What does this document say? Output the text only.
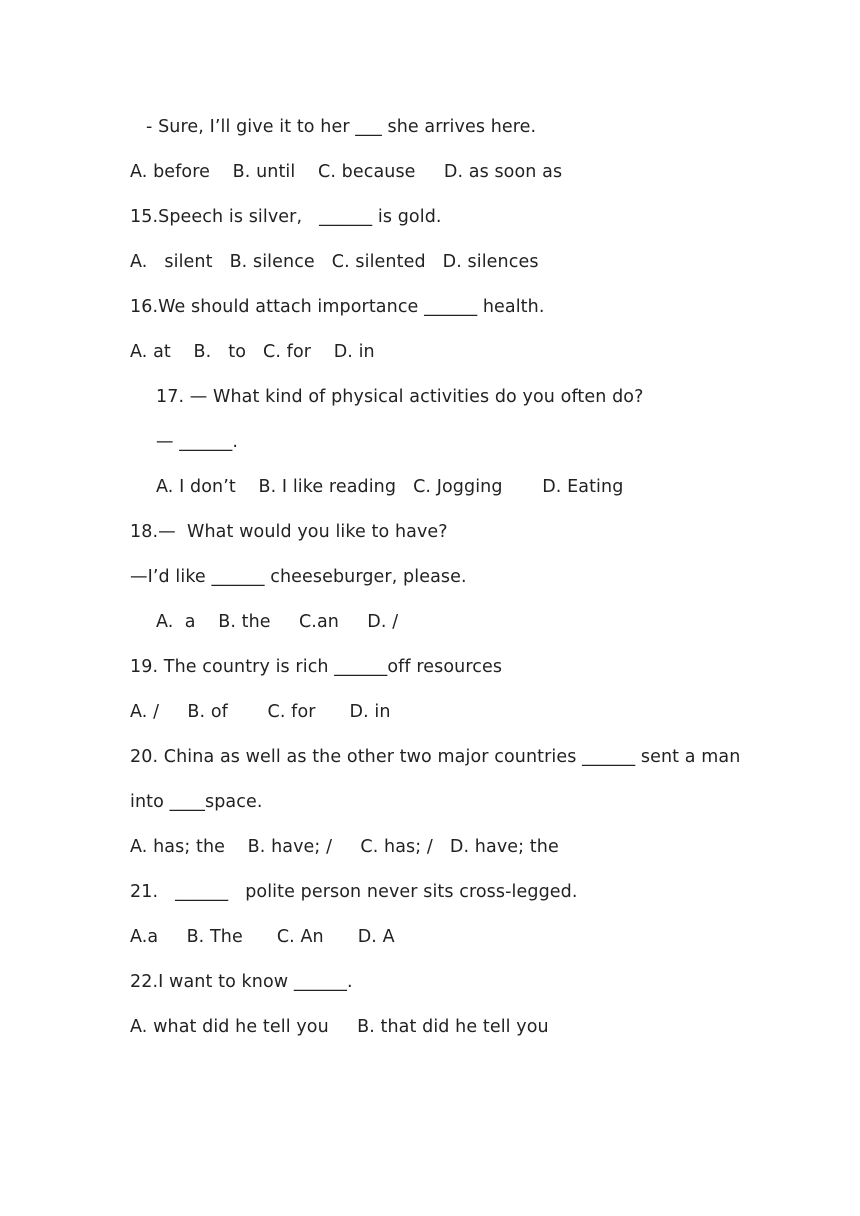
- Sure, I’ll give it to her ___ she arrives here.
A. before    B. until    C. because     D. as soon as
15.Speech is silver,   ______ is gold.
A.   silent   B. silence   C. silented   D. silences
16.We should attach importance ______ health.
A. at    B.   to   C. for    D. in
17. — What kind of physical activities do you often do?
— ______.
A. I don’t    B. I like reading   C. Jogging       D. Eating
18.—  What would you like to have?
—I’d like ______ cheeseburger, please.
A.  a    B. the     C.an     D. /
19. The country is rich ______off resources
A. /     B. of       C. for      D. in
20. China as well as the other two major countries ______ sent a man
into ____space.
A. has; the    B. have; /     C. has; /   D. have; the
21.   ______   polite person never sits cross-legged.
A.a     B. The      C. An      D. A
22.I want to know ______.
A. what did he tell you     B. that did he tell you
